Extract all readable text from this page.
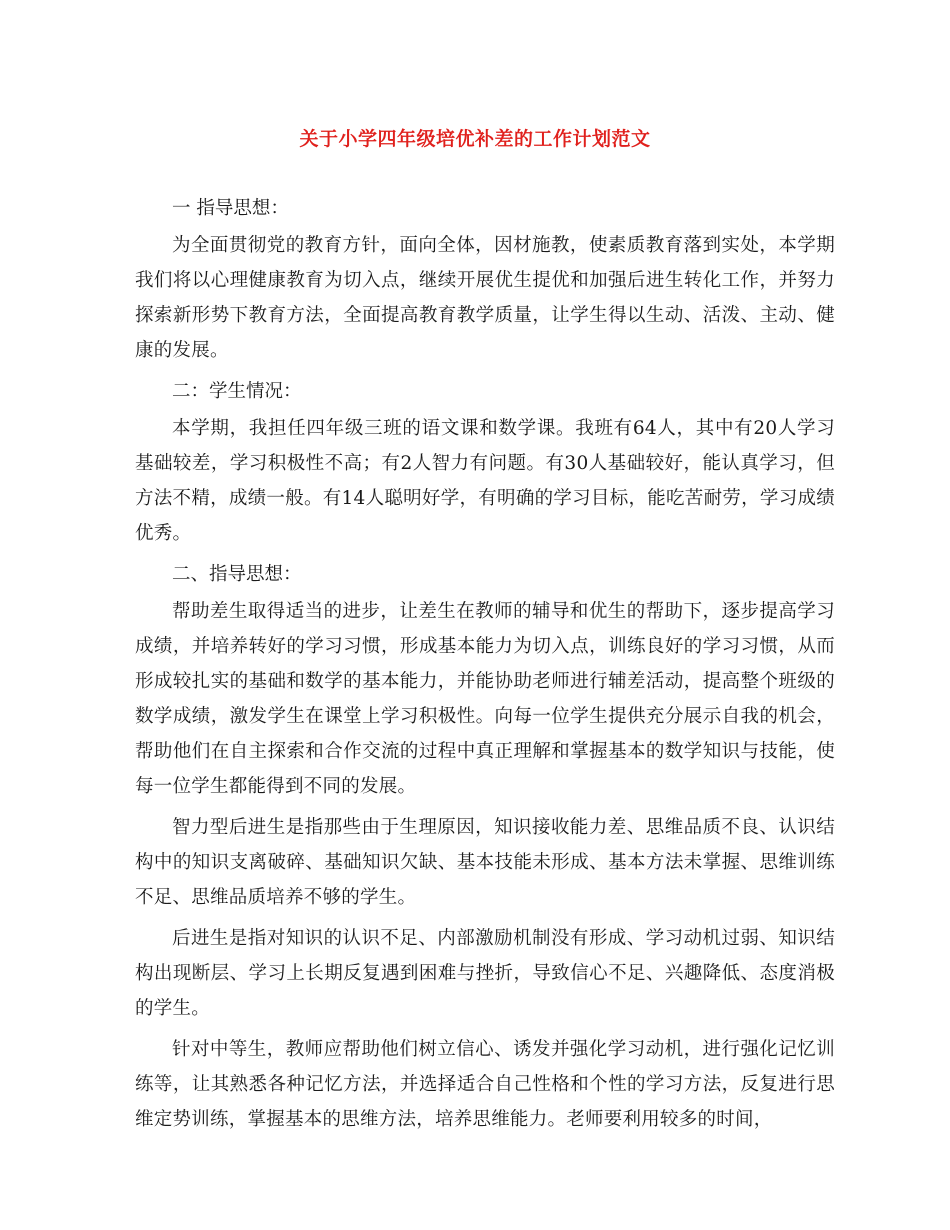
关于小学四年级培优补差的工作计划范文
一 指导思想：

为全面贯彻党的教育方针，面向全体，因材施教，使素质教育落到实处，本学期我们将以心理健康教育为切入点，继续开展优生提优和加强后进生转化工作，并努力探索新形势下教育方法，全面提高教育教学质量，让学生得以生动、活泼、主动、健康的发展。

二：学生情况：

本学期，我担任四年级三班的语文课和数学课。我班有64人，其中有20人学习基础较差，学习积极性不高；有2人智力有问题。有30人基础较好，能认真学习，但方法不精，成绩一般。有14人聪明好学，有明确的学习目标，能吃苦耐劳，学习成绩优秀。

二、指导思想：

帮助差生取得适当的进步，让差生在教师的辅导和优生的帮助下，逐步提高学习成绩，并培养转好的学习习惯，形成基本能力为切入点，训练良好的学习习惯，从而形成较扎实的基础和数学的基本能力，并能协助老师进行辅差活动，提高整个班级的数学成绩，激发学生在课堂上学习积极性。向每一位学生提供充分展示自我的机会，帮助他们在自主探索和合作交流的过程中真正理解和掌握基本的数学知识与技能，使每一位学生都能得到不同的发展。

智力型后进生是指那些由于生理原因，知识接收能力差、思维品质不良、认识结构中的知识支离破碎、基础知识欠缺、基本技能未形成、基本方法未掌握、思维训练不足、思维品质培养不够的学生。

后进生是指对知识的认识不足、内部激励机制没有形成、学习动机过弱、知识结构出现断层、学习上长期反复遇到困难与挫折，导致信心不足、兴趣降低、态度消极的学生。

针对中等生，教师应帮助他们树立信心、诱发并强化学习动机，进行强化记忆训练等，让其熟悉各种记忆方法，并选择适合自己性格和个性的学习方法，反复进行思维定势训练，掌握基本的思维方法，培养思维能力。老师要利用较多的时间，
